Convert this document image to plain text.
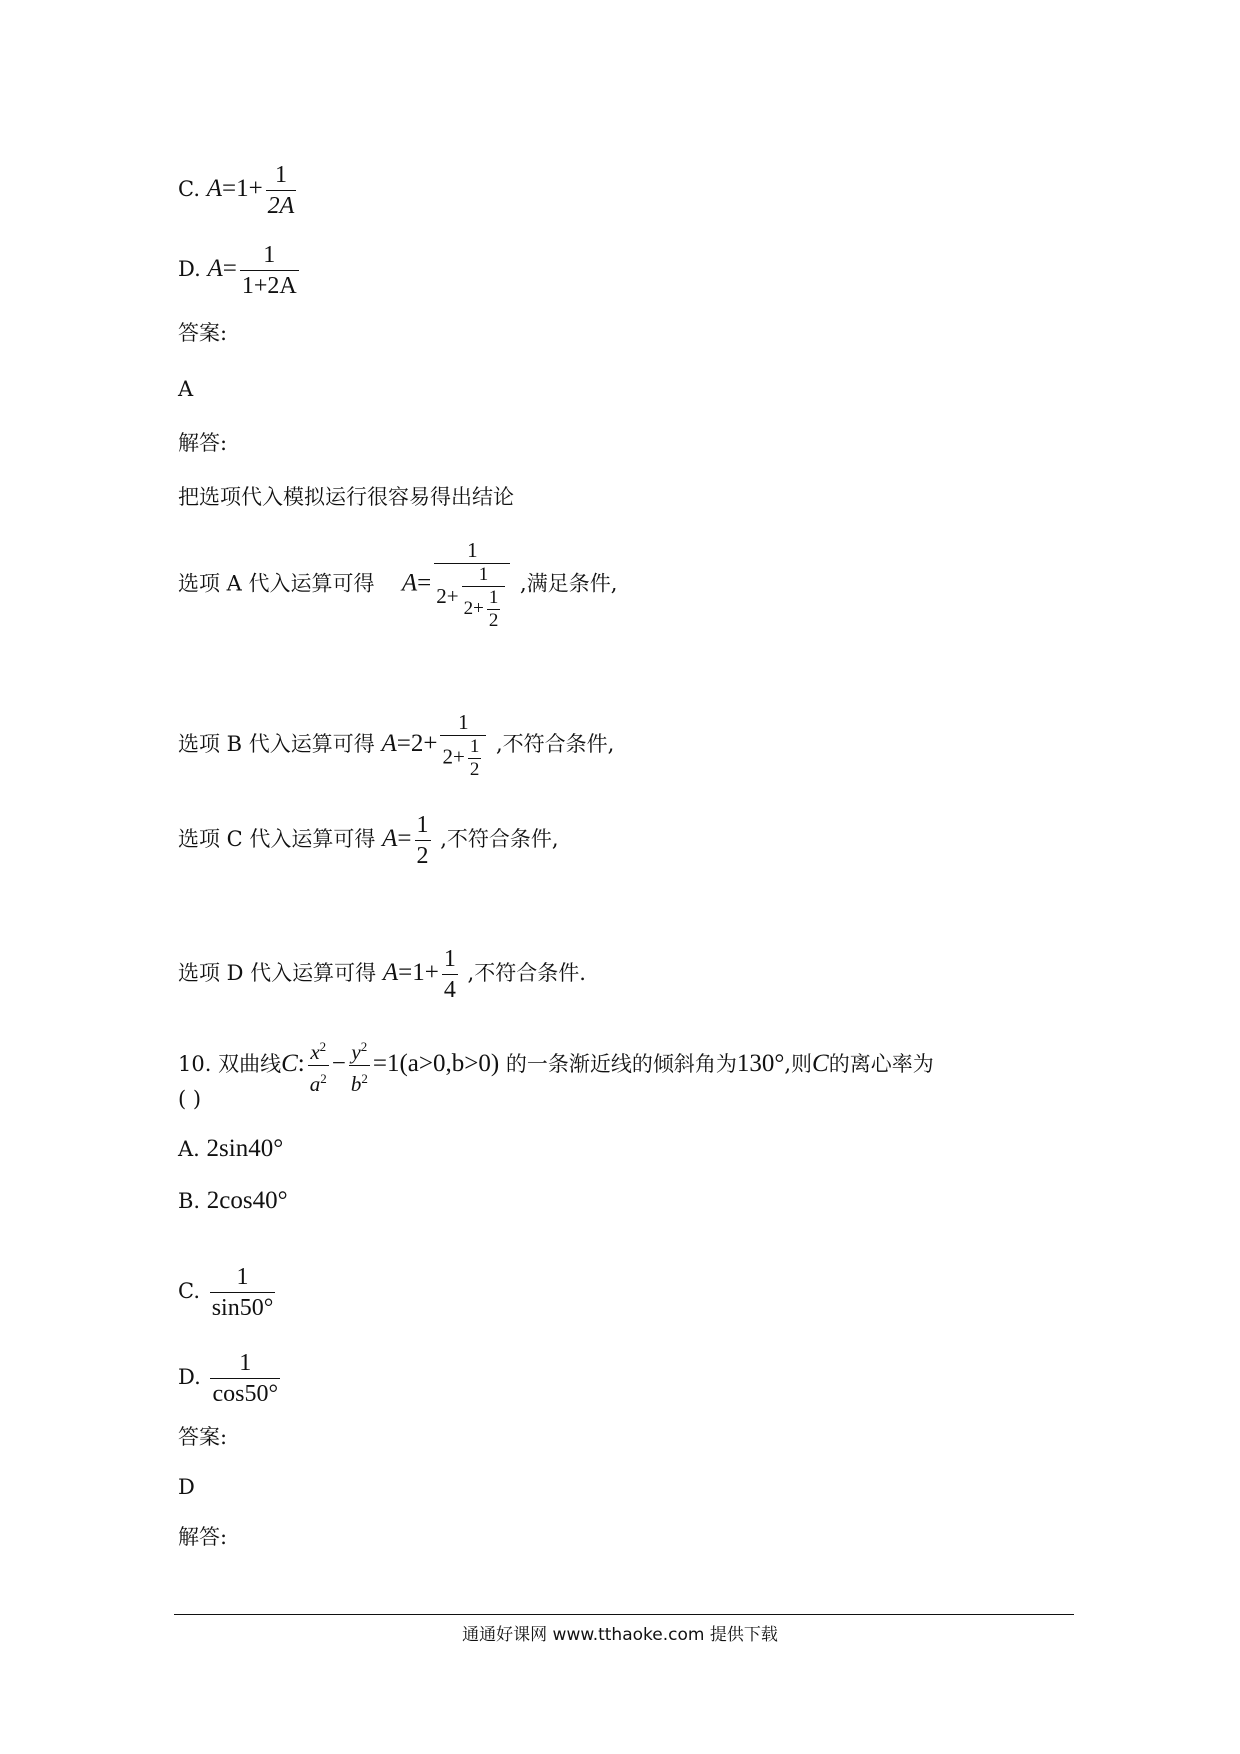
C. $A=1+ \frac{1}{2A}$
D. $A= \frac{1}{1+2A}$
答案:
A
解答:
把选项代入模拟运行很容易得出结论
选项 A 代入运算可得 $A= \frac{1}{2+ \frac{1}{2+ \frac{1}{2}}}$ ,满足条件,
选项 B 代入运算可得 $A=2+ \frac{1}{2+ \frac{1}{2}}$ ,不符合条件,
选项 C 代入运算可得 $A= \frac{1}{2}$ ,不符合条件,
选项 D 代入运算可得 $A=1+ \frac{1}{4}$ ,不符合条件.
10. 双曲线C: $\frac{x^2}{a^2} - \frac{y^2}{b^2} =1(a>0,b>0)$ 的一条渐近线的倾斜角为130°,则C的离心率为
( )
A. 2sin40°
B. 2cos40°
C. $\frac{1}{\sin 50^\circ}$
D. $\frac{1}{\cos 50^\circ}$
答案:
D
解答:
通通好课网 www.tthaoke.com 提供下载
